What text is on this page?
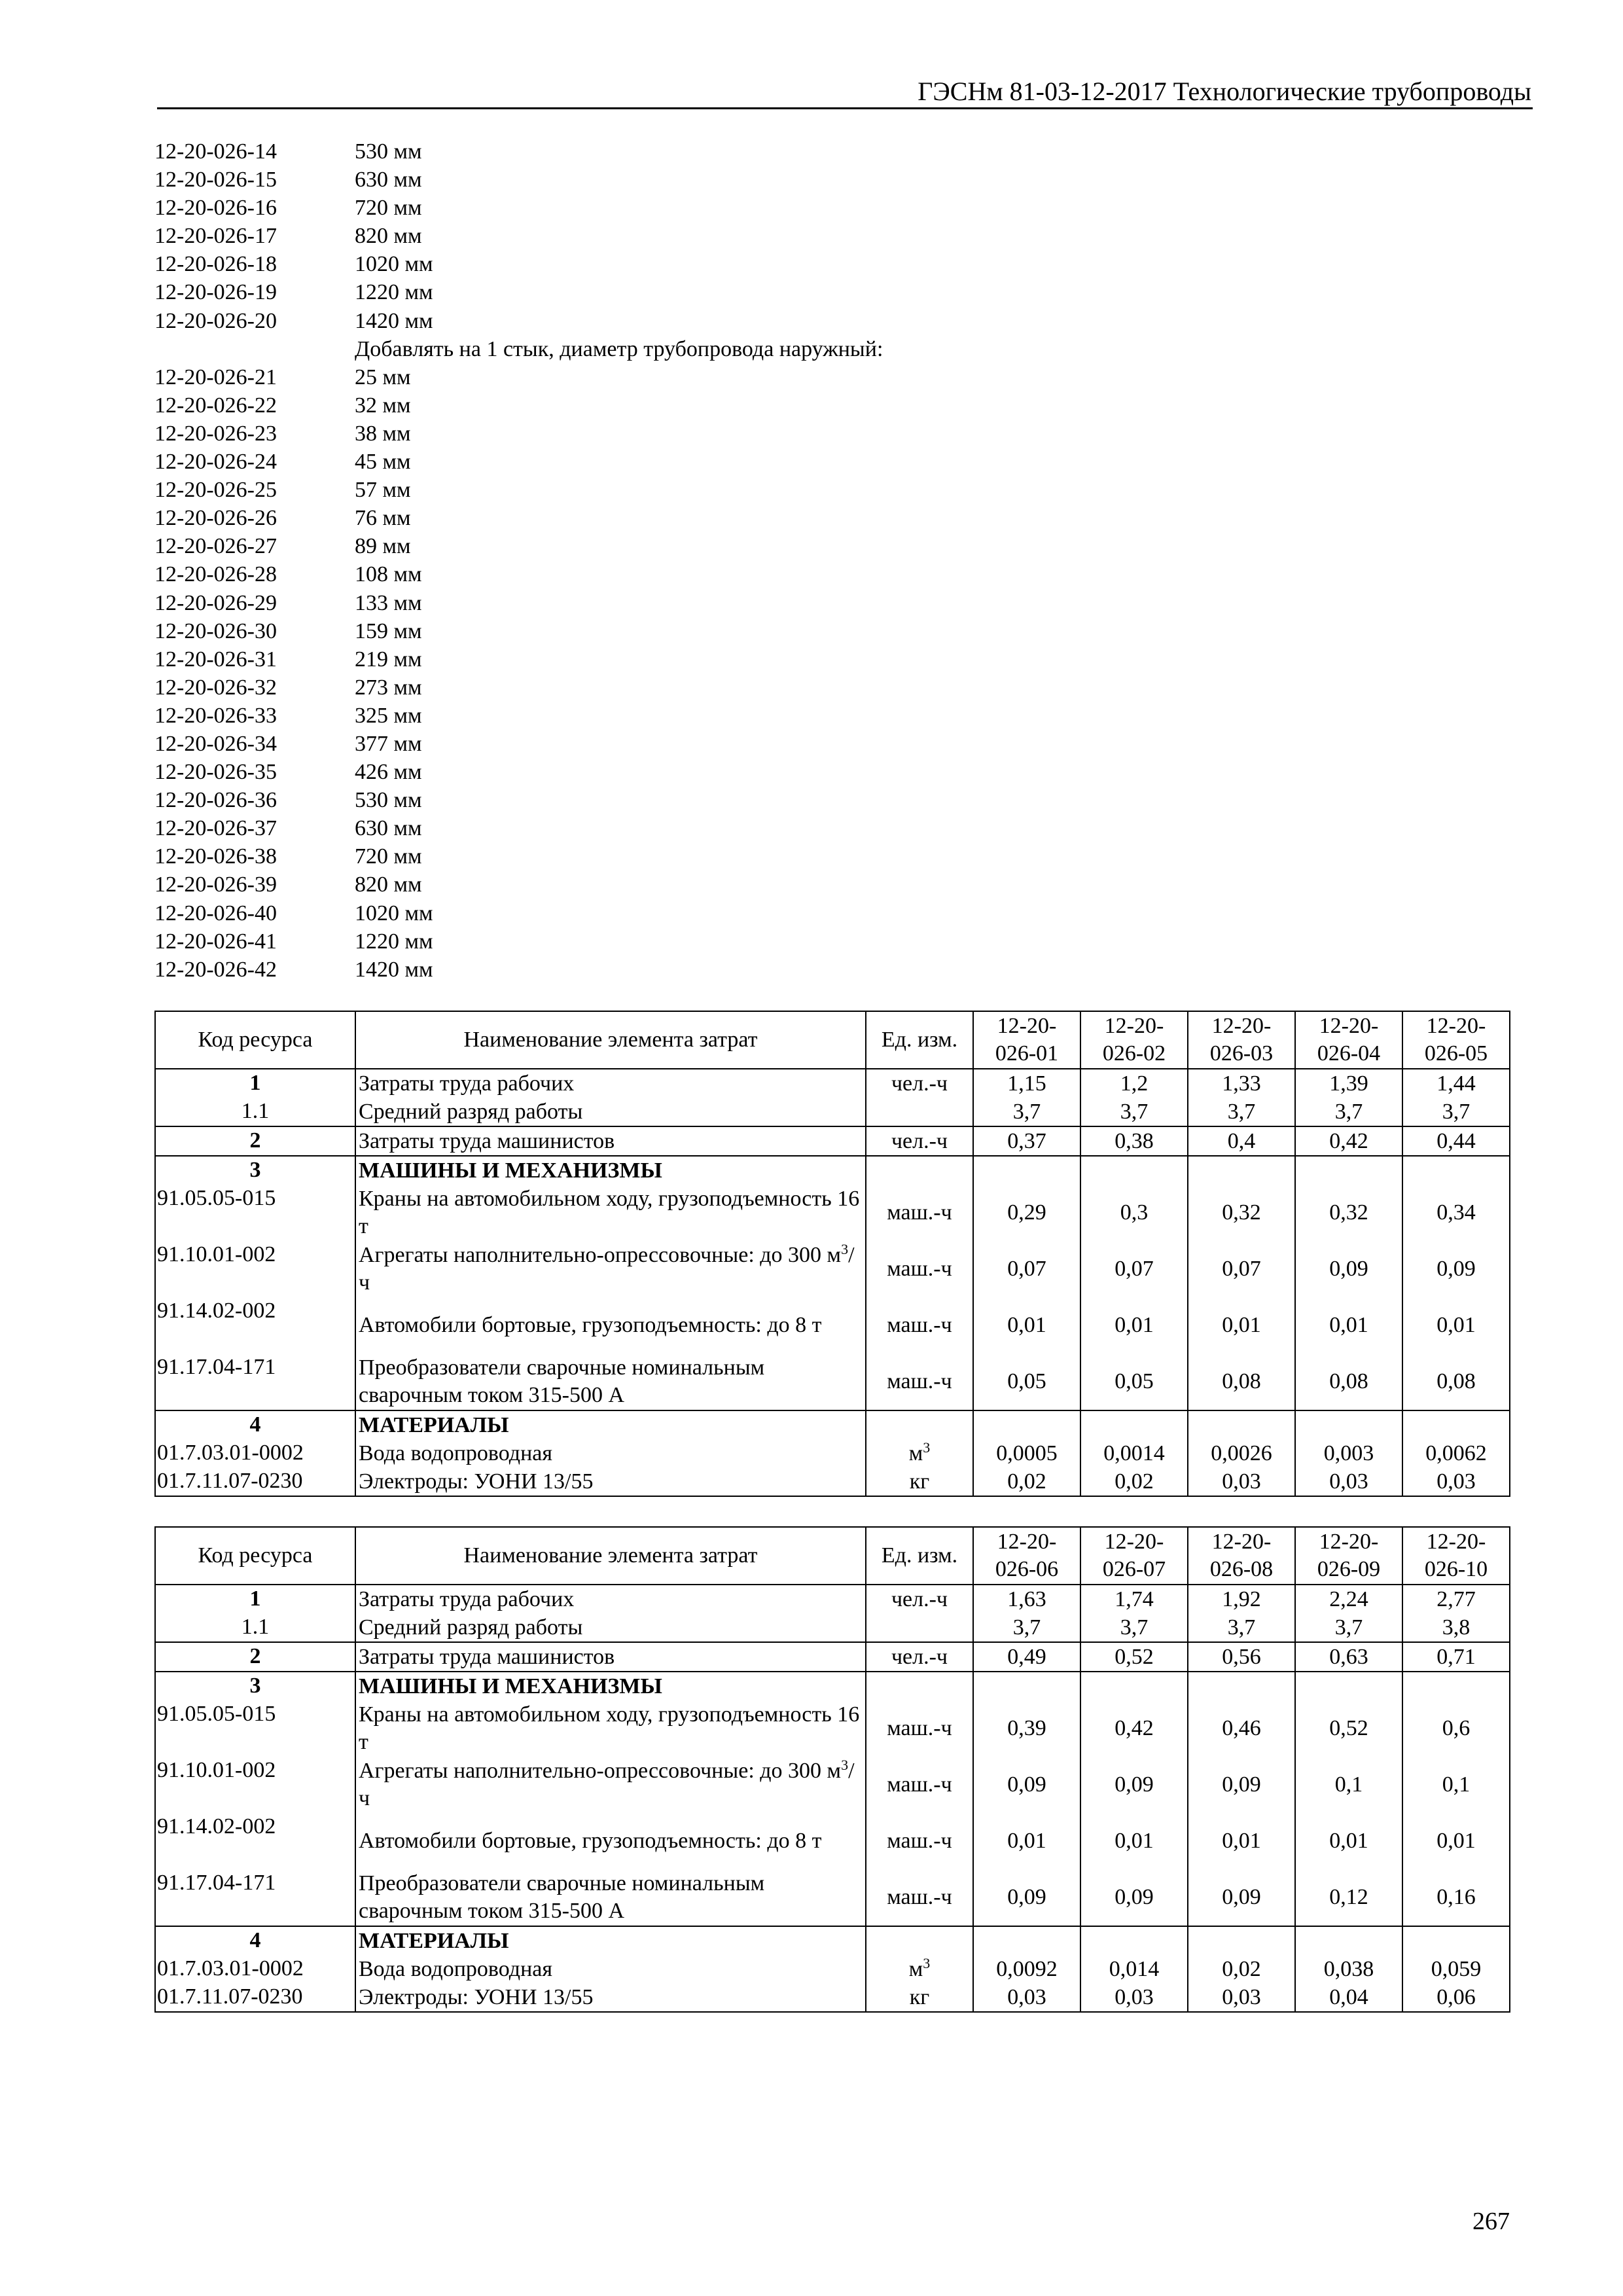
ГЭСНм 81-03-12-2017 Технологические трубопроводы
12-20-026-14	530 мм
12-20-026-15	630 мм
12-20-026-16	720 мм
12-20-026-17	820 мм
12-20-026-18	1020 мм
12-20-026-19	1220 мм
12-20-026-20	1420 мм
Добавлять на 1 стык, диаметр трубопровода наружный:
12-20-026-21	25 мм
12-20-026-22	32 мм
12-20-026-23	38 мм
12-20-026-24	45 мм
12-20-026-25	57 мм
12-20-026-26	76 мм
12-20-026-27	89 мм
12-20-026-28	108 мм
12-20-026-29	133 мм
12-20-026-30	159 мм
12-20-026-31	219 мм
12-20-026-32	273 мм
12-20-026-33	325 мм
12-20-026-34	377 мм
12-20-026-35	426 мм
12-20-026-36	530 мм
12-20-026-37	630 мм
12-20-026-38	720 мм
12-20-026-39	820 мм
12-20-026-40	1020 мм
12-20-026-41	1220 мм
12-20-026-42	1420 мм
Код ресурса	Наименование элемента затрат	Ед. изм.	12-20-
026-01	12-20-
026-02	12-20-
026-03	12-20-
026-04	12-20-
026-05
1	Затраты труда рабочих	чел.-ч	1,15	1,2	1,33	1,39	1,44
1.1	Средний разряд работы		3,7	3,7	3,7	3,7	3,7
2	Затраты труда машинистов	чел.-ч	0,37	0,38	0,4	0,42	0,44
3	МАШИНЫ И МЕХАНИЗМЫ						
91.05.05-015	Краны на автомобильном ходу, грузоподъемность 16 т	маш.-ч	0,29	0,3	0,32	0,32	0,34
91.10.01-002	Агрегаты наполнительно-опрессовочные: до 300 $м^3/ч$	маш.-ч	0,07	0,07	0,07	0,09	0,09
91.14.02-002	Автомобили бортовые, грузоподъемность: до 8 т	маш.-ч	0,01	0,01	0,01	0,01	0,01
91.17.04-171	Преобразователи сварочные номинальным сварочным током 315-500 А	маш.-ч	0,05	0,05	0,08	0,08	0,08
4	МАТЕРИАЛЫ						
01.7.03.01-0002	Вода водопроводная	$м^3$	0,0005	0,0014	0,0026	0,003	0,0062
01.7.11.07-0230	Электроды: УОНИ 13/55	кг	0,02	0,02	0,03	0,03	0,03
Код ресурса	Наименование элемента затрат	Ед. изм.	12-20-
026-06	12-20-
026-07	12-20-
026-08	12-20-
026-09	12-20-
026-10
1	Затраты труда рабочих	чел.-ч	1,63	1,74	1,92	2,24	2,77
1.1	Средний разряд работы		3,7	3,7	3,7	3,7	3,8
2	Затраты труда машинистов	чел.-ч	0,49	0,52	0,56	0,63	0,71
3	МАШИНЫ И МЕХАНИЗМЫ						
91.05.05-015	Краны на автомобильном ходу, грузоподъемность 16 т	маш.-ч	0,39	0,42	0,46	0,52	0,6
91.10.01-002	Агрегаты наполнительно-опрессовочные: до 300 $м^3/ч$	маш.-ч	0,09	0,09	0,09	0,1	0,1
91.14.02-002	Автомобили бортовые, грузоподъемность: до 8 т	маш.-ч	0,01	0,01	0,01	0,01	0,01
91.17.04-171	Преобразователи сварочные номинальным сварочным током 315-500 А	маш.-ч	0,09	0,09	0,09	0,12	0,16
4	МАТЕРИАЛЫ						
01.7.03.01-0002	Вода водопроводная	$м^3$	0,0092	0,014	0,02	0,038	0,059
01.7.11.07-0230	Электроды: УОНИ 13/55	кг	0,03	0,03	0,03	0,04	0,06
267
